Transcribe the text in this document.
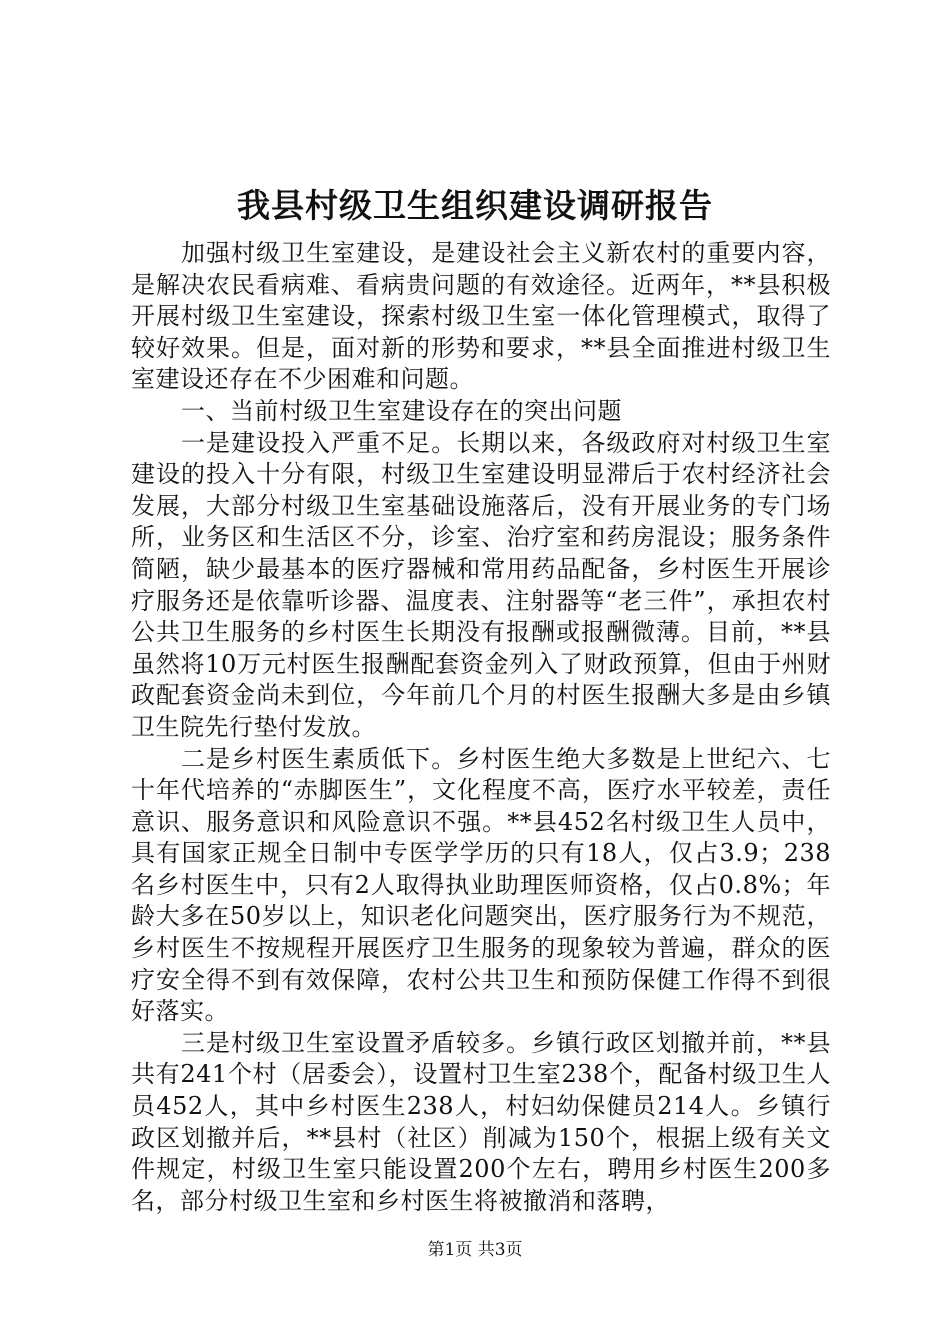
我县村级卫生组织建设调研报告

加强村级卫生室建设，是建设社会主义新农村的重要内容，是解决农民看病难、看病贵问题的有效途径。近两年，**县积极开展村级卫生室建设，探索村级卫生室一体化管理模式，取得了较好效果。但是，面对新的形势和要求，**县全面推进村级卫生室建设还存在不少困难和问题。

一、当前村级卫生室建设存在的突出问题

一是建设投入严重不足。长期以来，各级政府对村级卫生室建设的投入十分有限，村级卫生室建设明显滞后于农村经济社会发展，大部分村级卫生室基础设施落后，没有开展业务的专门场所，业务区和生活区不分，诊室、治疗室和药房混设；服务条件简陋，缺少最基本的医疗器械和常用药品配备，乡村医生开展诊疗服务还是依靠听诊器、温度表、注射器等“老三件”，承担农村公共卫生服务的乡村医生长期没有报酬或报酬微薄。目前，**县虽然将10万元村医生报酬配套资金列入了财政预算，但由于州财政配套资金尚未到位，今年前几个月的村医生报酬大多是由乡镇卫生院先行垫付发放。

二是乡村医生素质低下。乡村医生绝大多数是上世纪六、七十年代培养的“赤脚医生”，文化程度不高，医疗水平较差，责任意识、服务意识和风险意识不强。**县452名村级卫生人员中，具有国家正规全日制中专医学学历的只有18人，仅占3.9；238名乡村医生中，只有2人取得执业助理医师资格，仅占0.8%；年龄大多在50岁以上，知识老化问题突出，医疗服务行为不规范，乡村医生不按规程开展医疗卫生服务的现象较为普遍，群众的医疗安全得不到有效保障，农村公共卫生和预防保健工作得不到很好落实。

三是村级卫生室设置矛盾较多。乡镇行政区划撤并前，**县共有241个村（居委会），设置村卫生室238个，配备村级卫生人员452人，其中乡村医生238人，村妇幼保健员214人。乡镇行政区划撤并后，**县村（社区）削减为150个，根据上级有关文件规定，村级卫生室只能设置200个左右，聘用乡村医生200多名，部分村级卫生室和乡村医生将被撤消和落聘，

第1页 共3页
